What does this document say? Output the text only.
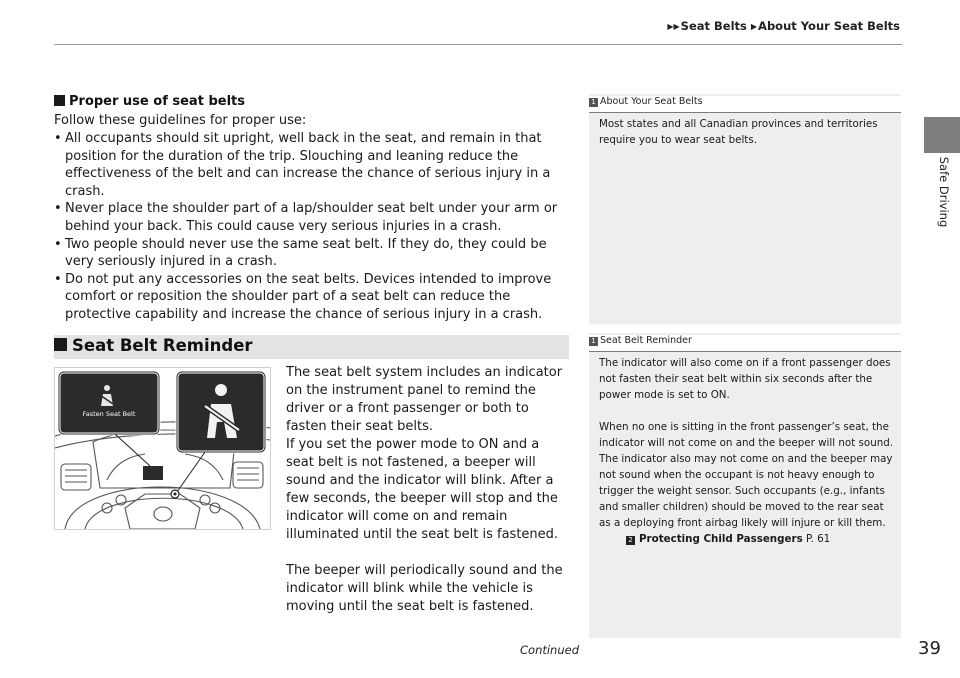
▶▶Seat Belts ▶About Your Seat Belts
Safe Driving
Proper use of seat belts
Follow these guidelines for proper use:
• All occupants should sit upright, well back in the seat, and remain in that position for the duration of the trip. Slouching and leaning reduce the effectiveness of the belt and can increase the chance of serious injury in a crash.
• Never place the shoulder part of a lap/shoulder seat belt under your arm or behind your back. This could cause very serious injuries in a crash.
• Two people should never use the same seat belt. If they do, they could be very seriously injured in a crash.
• Do not put any accessories on the seat belts. Devices intended to improve comfort or reposition the shoulder part of a seat belt can reduce the protective capability and increase the chance of serious injury in a crash.
Seat Belt Reminder
Fasten Seat Belt

The seat belt system includes an indicator on the instrument panel to remind the driver or a front passenger or both to fasten their seat belts.

If you set the power mode to ON and a seat belt is not fastened, a beeper will sound and the indicator will blink. After a few seconds, the beeper will stop and the indicator will come on and remain illuminated until the seat belt is fastened.

The beeper will periodically sound and the indicator will blink while the vehicle is moving until the seat belt is fastened.

1 About Your Seat Belts

Most states and all Canadian provinces and territories require you to wear seat belts.

1 Seat Belt Reminder

The indicator will also come on if a front passenger does not fasten their seat belt within six seconds after the power mode is set to ON.

When no one is sitting in the front passenger’s seat, the indicator will not come on and the beeper will not sound.

The indicator also may not come on and the beeper may not sound when the occupant is not heavy enough to trigger the weight sensor. Such occupants (e.g., infants and smaller children) should be moved to the rear seat as a deploying front airbag likely will injure or kill them.

2 Protecting Child Passengers P. 61
Continued	39
